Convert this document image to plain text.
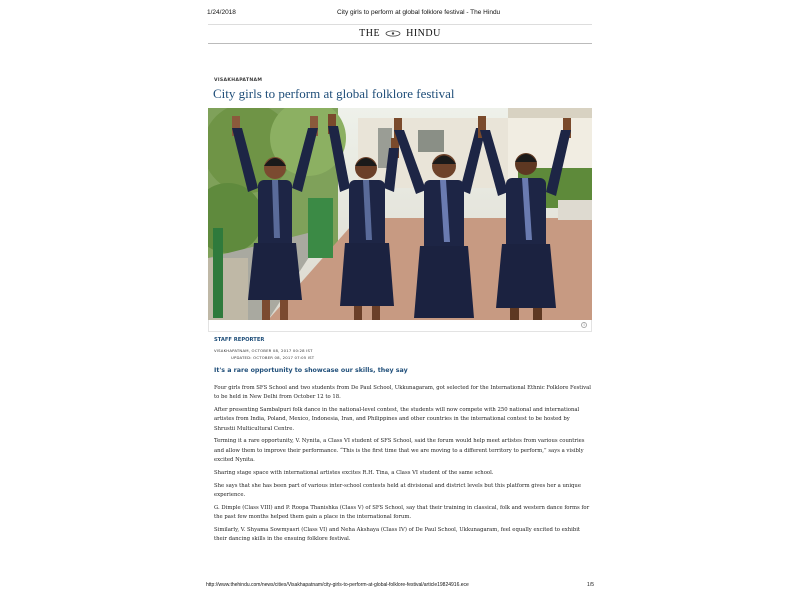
1/24/2018	City girls to perform at global folklore festival - The Hindu
THE	HINDU
VISAKHAPATNAM
City girls to perform at global folklore festival
i
STAFF REPORTER
VISAKHAPATNAM, OCTOBER 08, 2017 00:28 IST
UPDATED: OCTOBER 08, 2017 07:05 IST
It's a rare opportunity to showcase our skills, they say

Four girls from SFS School and two students from De Paul School, Ukkunagaram, got selected for the International Ethnic Folklore Festival to be held in New Delhi from October 12 to 18.

After presenting Sambalpuri folk dance in the national-level contest, the students will now compete with 250 national and international artistes from India, Poland, Mexico, Indonesia, Iran, and Philippines and other countries in the international contest to be hosted by Shrustii Multicultural Centre.

Terming it a rare opportunity, V. Nynita, a Class VI student of SFS School, said the forum would help meet artistes from various countries and allow them to improve their performance. “This is the first time that we are moving to a different territory to perform,” says a visibly excited Nynita.

Sharing stage space with international artistes excites R.H. Tina, a Class VI student of the same school.

She says that she has been part of various inter-school contests held at divisional and district levels but this platform gives her a unique experience.

G. Dimple (Class VIII) and P. Roopa Thanishka (Class V) of SFS School, say that their training in classical, folk and western dance forms for the past few months helped them gain a place in the international forum.

Similarly, V. Shyama Sowmyasri (Class VI) and Neha Akshaya (Class IV) of De Paul School, Ukkunagaram, feel equally excited to exhibit their dancing skills in the ensuing folklore festival.

http://www.thehindu.com/news/cities/Visakhapatnam/city-girls-to-perform-at-global-folklore-festival/article19824916.ece	1/5
